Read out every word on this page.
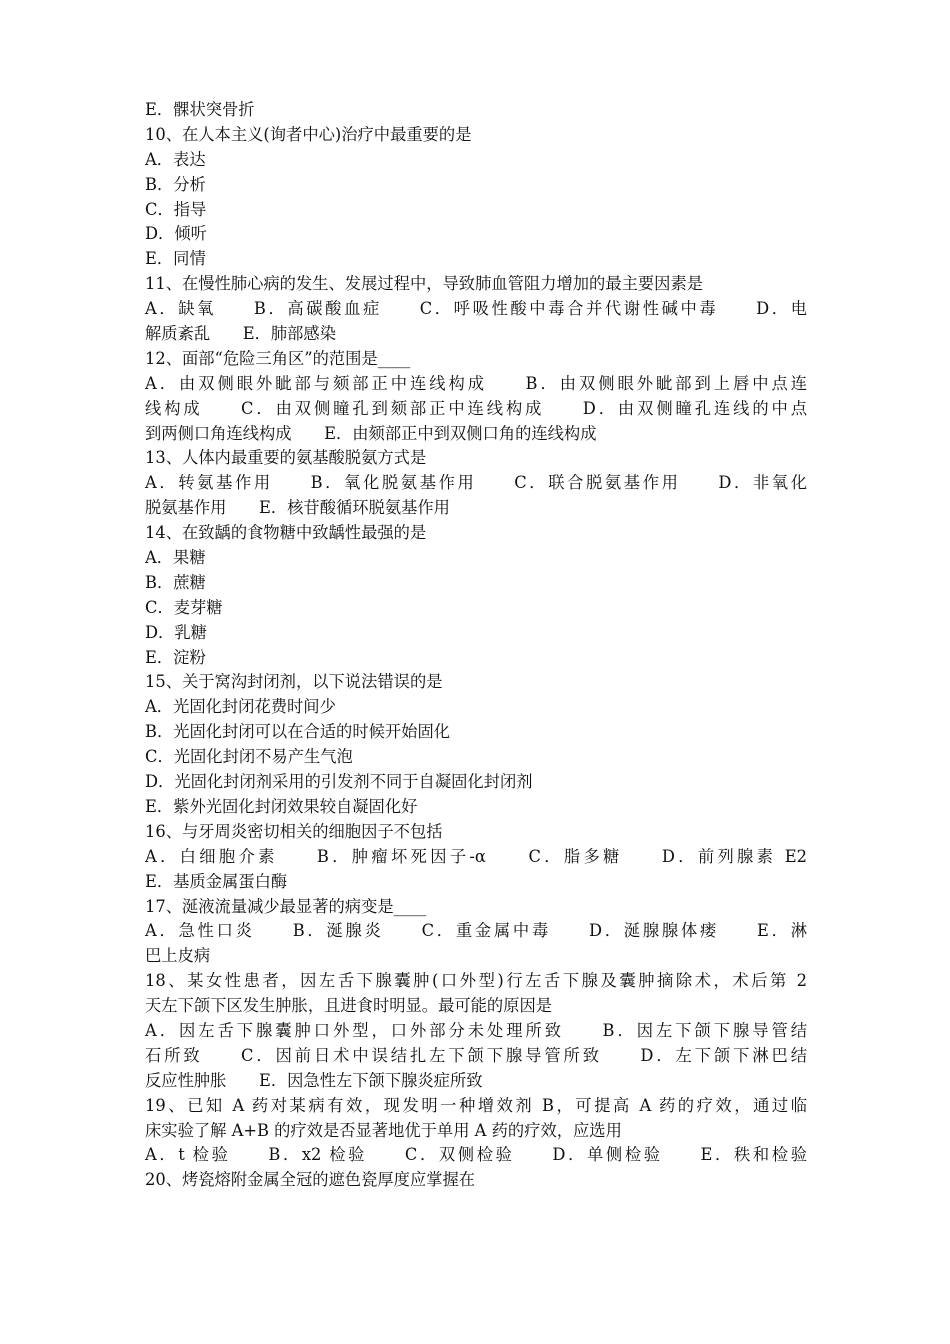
E．髁状突骨折
10、在人本主义(询者中心)治疗中最重要的是
A．表达
B．分析
C．指导
D．倾听
E．同情
11、在慢性肺心病的发生、发展过程中，导致肺血管阻力增加的最主要因素是
A．缺氧　　B．高碳酸血症　　C．呼吸性酸中毒合并代谢性碱中毒　　D．电
解质紊乱　　E．肺部感染
12、面部“危险三角区”的范围是____
A．由双侧眼外眦部与颏部正中连线构成　　B．由双侧眼外眦部到上唇中点连
线构成　　C．由双侧瞳孔到颏部正中连线构成　　D．由双侧瞳孔连线的中点
到两侧口角连线构成　　E．由颏部正中到双侧口角的连线构成
13、人体内最重要的氨基酸脱氨方式是
A．转氨基作用　　B．氧化脱氨基作用　　C．联合脱氨基作用　　D．非氧化
脱氨基作用　　E．核苷酸循环脱氨基作用
14、在致龋的食物糖中致龋性最强的是
A．果糖
B．蔗糖
C．麦芽糖
D．乳糖
E．淀粉
15、关于窝沟封闭剂，以下说法错误的是
A．光固化封闭花费时间少
B．光固化封闭可以在合适的时候开始固化
C．光固化封闭不易产生气泡
D．光固化封闭剂采用的引发剂不同于自凝固化封闭剂
E．紫外光固化封闭效果较自凝固化好
16、与牙周炎密切相关的细胞因子不包括
A．白细胞介素　　B．肿瘤坏死因子-α　　C．脂多糖　　D．前列腺素 E2
E．基质金属蛋白酶
17、涎液流量减少最显著的病变是____
A．急性口炎　　B．涎腺炎　　C．重金属中毒　　D．涎腺腺体瘘　　E．淋
巴上皮病
18、某女性患者，因左舌下腺囊肿(口外型)行左舌下腺及囊肿摘除术，术后第 2
天左下颌下区发生肿胀，且进食时明显。最可能的原因是
A．因左舌下腺囊肿口外型，口外部分未处理所致　　B．因左下颌下腺导管结
石所致　　C．因前日术中误结扎左下颌下腺导管所致　　D．左下颌下淋巴结
反应性肿胀　　E．因急性左下颌下腺炎症所致
19、已知 A 药对某病有效，现发明一种增效剂 B，可提高 A 药的疗效，通过临
床实验了解 A+B 的疗效是否显著地优于单用 A 药的疗效，应选用
A．t 检验　　B．x2 检验　　C．双侧检验　　D．单侧检验　　E．秩和检验
20、烤瓷熔附金属全冠的遮色瓷厚度应掌握在
